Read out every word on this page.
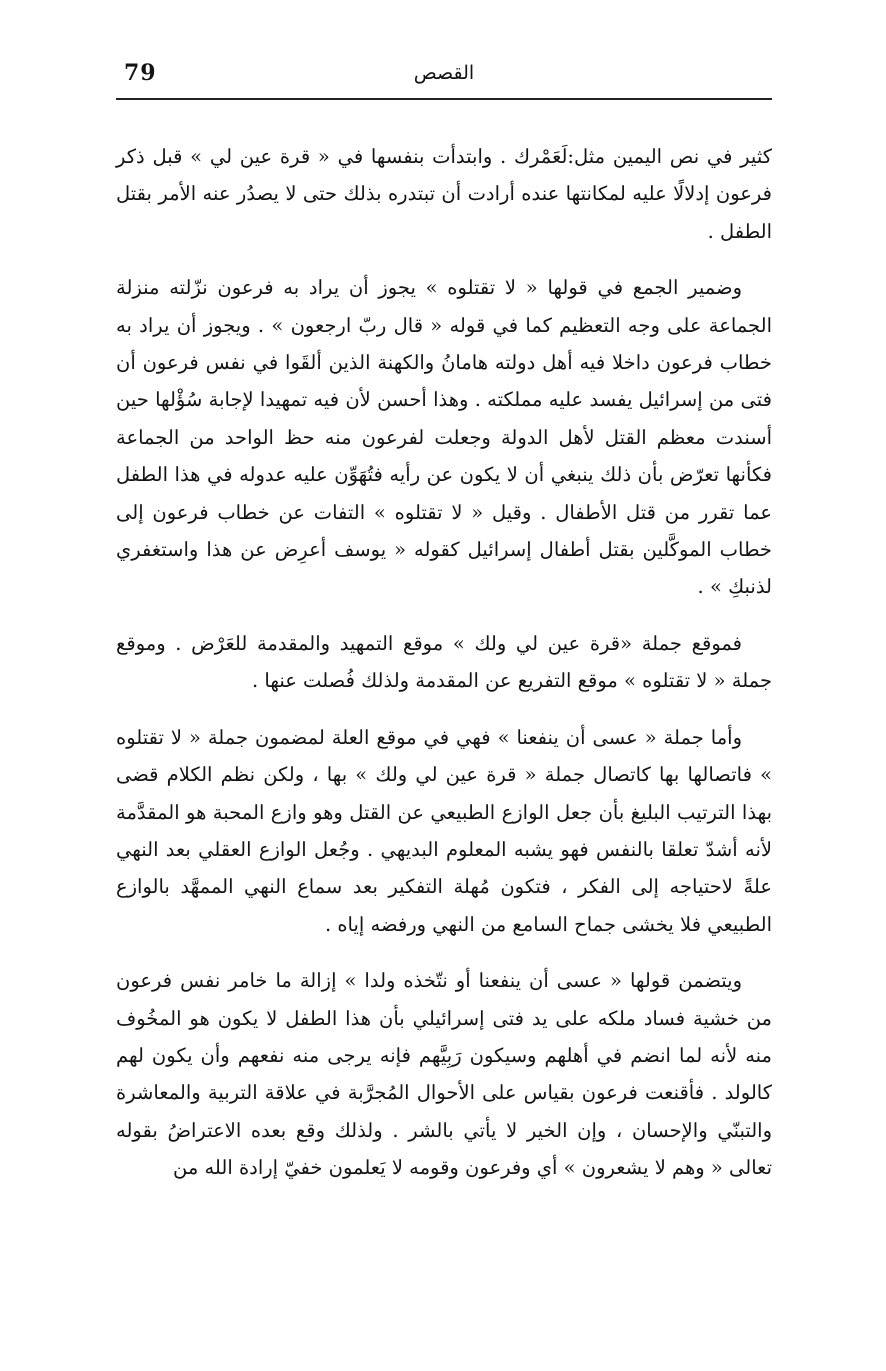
79	القصص

كثير في نص اليمين مثل:لَعَمْرك . وابتدأت بنفسها في « قرة عين لي » قبل ذكر فرعون إدلالًا عليه لمكانتها عنده أرادت أن تبتدره بذلك حتى لا يصدُر عنه الأمر بقتل الطفل .

وضمير الجمع في قولها « لا تقتلوه » يجوز أن يراد به فرعون نزّلته منزلة الجماعة على وجه التعظيم كما في قوله « قال ربّ ارجعون » . ويجوز أن يراد به خطاب فرعون داخلا فيه أهل دولته هامانُ والكهنة الذين ألقَوا في نفس فرعون أن فتى من إسرائيل يفسد عليه مملكته . وهذا أحسن لأن فيه تمهيدا لإجابة سُؤْلها حين أسندت معظم القتل لأهل الدولة وجعلت لفرعون منه حظ الواحد من الجماعة فكأنها تعرّض بأن ذلك ينبغي أن لا يكون عن رأيه فتُهَوِّن عليه عدوله في هذا الطفل عما تقرر من قتل الأطفال . وقيل « لا تقتلوه » التفات عن خطاب فرعون إلى خطاب الموكَّلين بقتل أطفال إسرائيل كقوله « يوسف أعرِض عن هذا واستغفري لذنبكِ » .

فموقع جملة «قرة عين لي ولك » موقع التمهيد والمقدمة للعَرْض . وموقع جملة « لا تقتلوه » موقع التفريع عن المقدمة ولذلك فُصلت عنها .

وأما جملة « عسى أن ينفعنا » فهي في موقع العلة لمضمون جملة « لا تقتلوه » فاتصالها بها كاتصال جملة « قرة عين لي ولك » بها ، ولكن نظم الكلام قضى بهذا الترتيب البليغ بأن جعل الوازع الطبيعي عن القتل وهو وازع المحبة هو المقدَّمة لأنه أشدّ تعلقا بالنفس فهو يشبه المعلوم البديهي . وجُعل الوازع العقلي بعد النهي علةً لاحتياجه إلى الفكر ، فتكون مُهلة التفكير بعد سماع النهي الممهَّد بالوازع الطبيعي فلا يخشى جماح السامع من النهي ورفضه إياه .

ويتضمن قولها « عسى أن ينفعنا أو نتّخذه ولدا » إزالة ما خامر نفس فرعون من خشية فساد ملكه على يد فتى إسرائيلي بأن هذا الطفل لا يكون هو المخُوف منه لأنه لما انضم في أهلهم وسيكون رَبِيَّهم فإنه يرجى منه نفعهم وأن يكون لهم كالولد . فأقنعت فرعون بقياس على الأحوال المُجرَّبة في علاقة التربية والمعاشرة والتبنّي والإحسان ، وإن الخير لا يأتي بالشر . ولذلك وقع بعده الاعتراضُ بقوله تعالى « وهم لا يشعرون » أي وفرعون وقومه لا يَعلمون خفيّ إرادة الله من
